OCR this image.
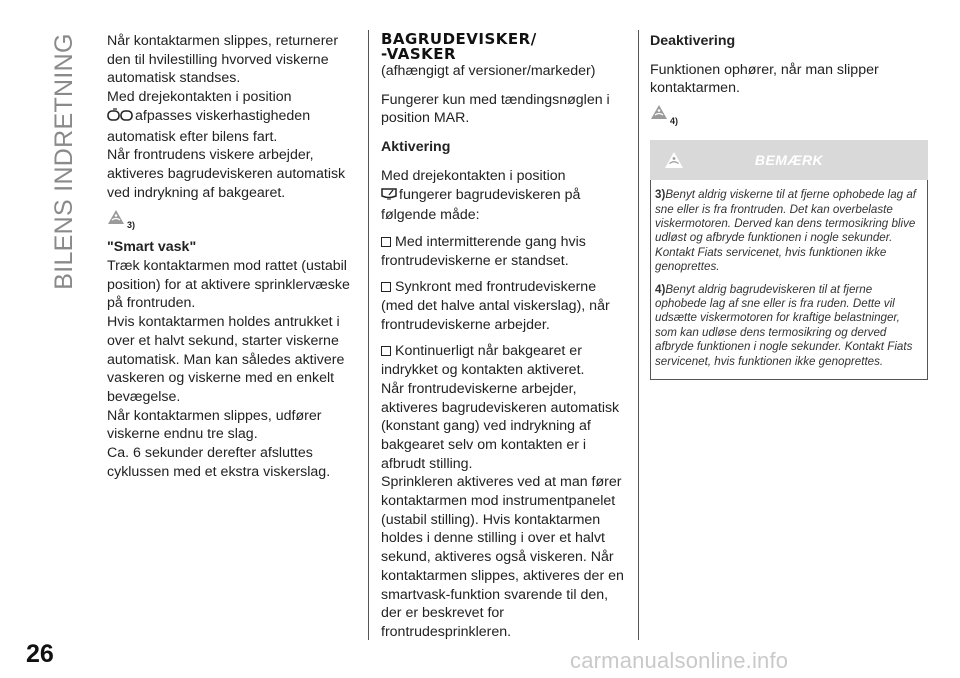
BILENS INDRETNING Når kontaktarmen slippes, returnerer den til hvilestilling hvorved viskerne automatisk standses.

Med drejekontakten i position
afpasses viskerhastigheden automatisk efter bilens fart.

Når frontrudens viskere arbejder, aktiveres bagrudeviskeren automatisk ved indrykning af bakgearet.

3)

"Smart vask"

Træk kontaktarmen mod rattet (ustabil position) for at aktivere sprinklervæske på frontruden.

Hvis kontaktarmen holdes antrukket i over et halvt sekund, starter viskerne automatisk. Man kan således aktivere vaskeren og viskerne med en enkelt bevægelse.

Når kontaktarmen slippes, udfører viskerne endnu tre slag.

Ca. 6 sekunder derefter afsluttes cyklussen med et ekstra viskerslag.

BAGRUDEVISKER/
-VASKER

(afhængigt af versioner/markeder)

Fungerer kun med tændingsnøglen i position MAR.

Aktivering

Med drejekontakten i position
fungerer bagrudeviskeren på følgende måde:

Med intermitterende gang hvis frontrudeviskerne er standset.

Synkront med frontrudeviskerne (med det halve antal viskerslag), når frontrudeviskerne arbejder.

Kontinuerligt når bakgearet er indrykket og kontakten aktiveret.

Når frontrudeviskerne arbejder, aktiveres bagrudeviskeren automatisk (konstant gang) ved indrykning af bakgearet selv om kontakten er i afbrudt stilling.

Sprinkleren aktiveres ved at man fører kontaktarmen mod instrumentpanelet (ustabil stilling). Hvis kontaktarmen holdes i denne stilling i over et halvt sekund, aktiveres også viskeren. Når kontaktarmen slippes, aktiveres der en smartvask-funktion svarende til den, der er beskrevet for frontrudesprinkleren.

Deaktivering

Funktionen ophører, når man slipper kontaktarmen.

4)
BEMÆRK

3)Benyt aldrig viskerne til at fjerne ophobede lag af sne eller is fra frontruden. Det kan overbelaste viskermotoren. Derved kan dens termosikring blive udløst og afbryde funktionen i nogle sekunder. Kontakt Fiats servicenet, hvis funktionen ikke genoprettes.

4)Benyt aldrig bagrudeviskeren til at fjerne ophobede lag af sne eller is fra ruden. Dette vil udsætte viskermotoren for kraftige belastninger, som kan udløse dens termosikring og derved afbryde funktionen i nogle sekunder. Kontakt Fiats servicenet, hvis funktionen ikke genoprettes.

26	carmanualsonline.info
